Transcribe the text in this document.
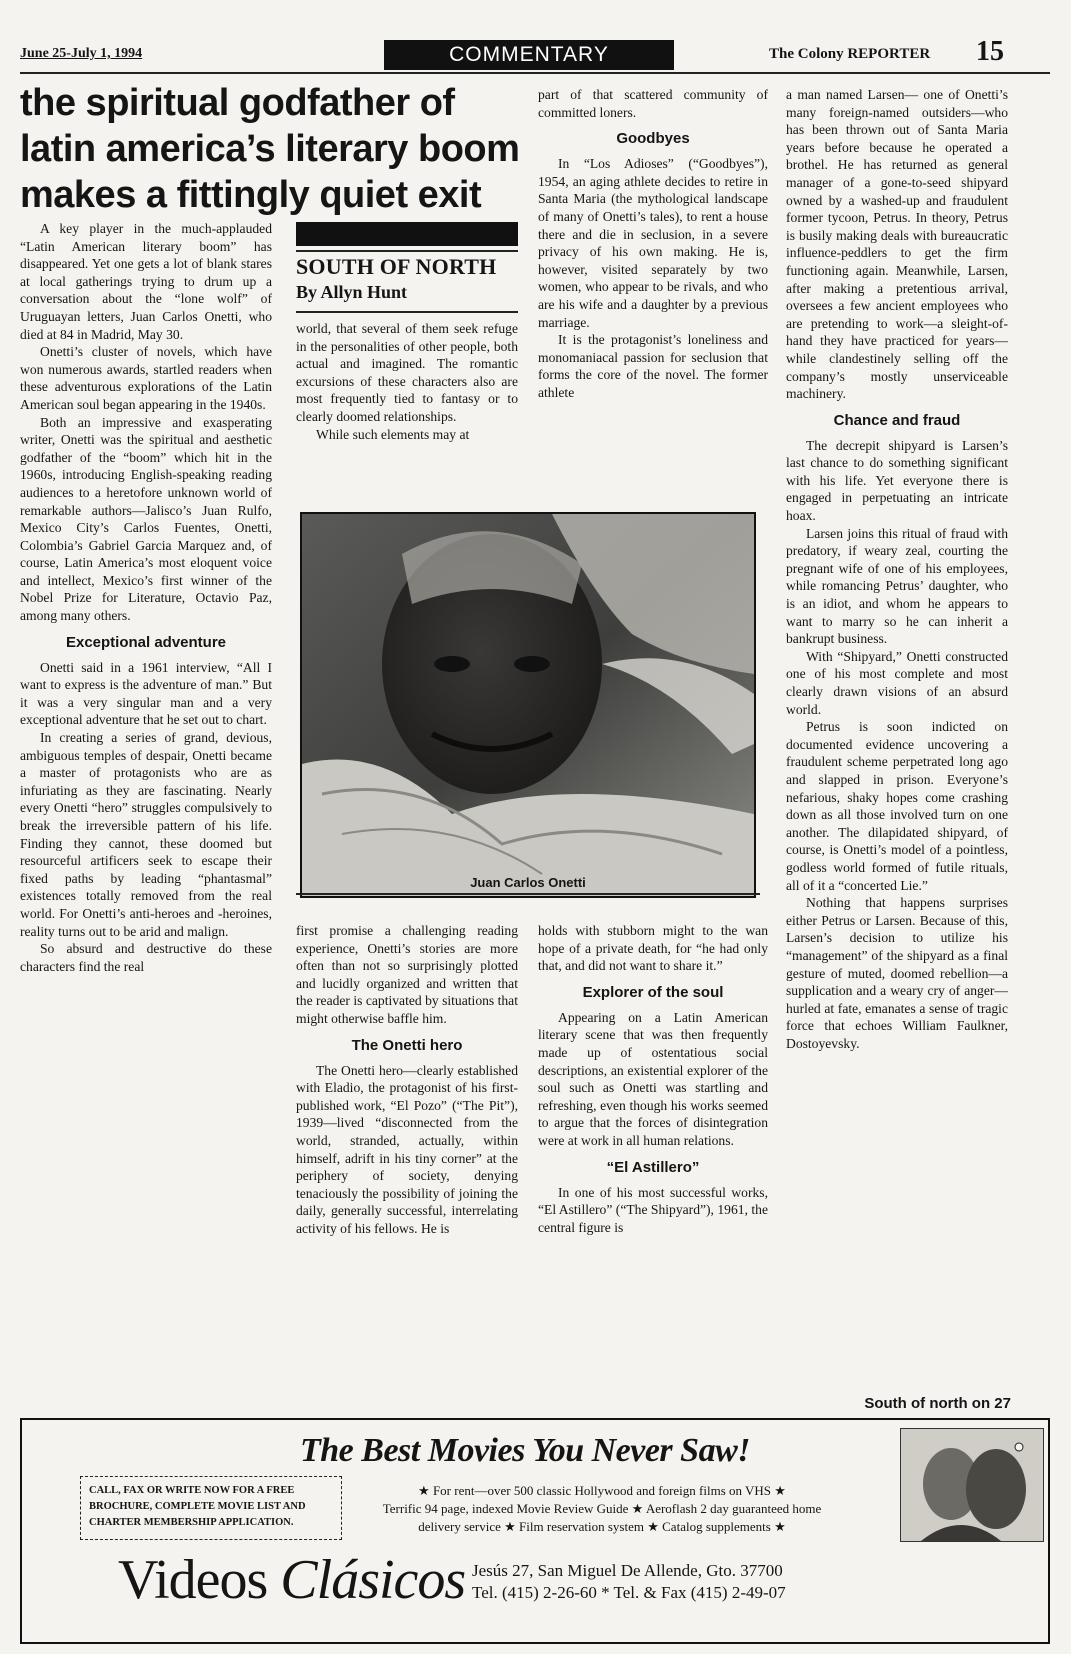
June 25-July 1, 1994	COMMENTARY	The Colony REPORTER 15
the spiritual godfather of
latin america’s literary boom
makes a fittingly quiet exit

A key player in the much-applauded “Latin American literary boom” has disappeared. Yet one gets a lot of blank stares at local gatherings trying to drum up a conversation about the “lone wolf” of Uruguayan letters, Juan Carlos Onetti, who died at 84 in Madrid, May 30.

Onetti’s cluster of novels, which have won numerous awards, startled readers when these adventurous explorations of the Latin American soul began appearing in the 1940s.

Both an impressive and exasperating writer, Onetti was the spiritual and aesthetic godfather of the “boom” which hit in the 1960s, introducing English-speaking reading audiences to a heretofore unknown world of remarkable authors—Jalisco’s Juan Rulfo, Mexico City’s Carlos Fuentes, Onetti, Colombia’s Gabriel Garcia Marquez and, of course, Latin America’s most eloquent voice and intellect, Mexico’s first winner of the Nobel Prize for Literature, Octavio Paz, among many others.

Exceptional adventure

Onetti said in a 1961 interview, “All I want to express is the adventure of man.” But it was a very singular man and a very exceptional adventure that he set out to chart.

In creating a series of grand, devious, ambiguous temples of despair, Onetti became a master of protagonists who are as infuriating as they are fascinating. Nearly every Onetti “hero” struggles compulsively to break the irreversible pattern of his life. Finding they cannot, these doomed but resourceful artificers seek to escape their fixed paths by leading “phantasmal” existences totally removed from the real world. For Onetti’s anti-heroes and -heroines, reality turns out to be arid and malign.

So absurd and destructive do these characters find the real

SOUTH OF NORTH
By Allyn Hunt

world, that several of them seek refuge in the personalities of other people, both actual and imagined. The romantic excursions of these characters also are most frequently tied to fantasy or to clearly doomed relationships.

While such elements may at

part of that scattered community of committed loners.

Goodbyes

In “Los Adioses” (“Goodbyes”), 1954, an aging athlete decides to retire in Santa Maria (the mythological landscape of many of Onetti’s tales), to rent a house there and die in seclusion, in a severe privacy of his own making. He is, however, visited separately by two women, who appear to be rivals, and who are his wife and a daughter by a previous marriage.

It is the protagonist’s loneliness and monomaniacal passion for seclusion that forms the core of the novel. The former athlete

Juan Carlos Onetti

first promise a challenging reading experience, Onetti’s stories are more often than not so surprisingly plotted and lucidly organized and written that the reader is captivated by situations that might otherwise baffle him.

The Onetti hero

The Onetti hero—clearly established with Eladio, the protagonist of his first-published work, “El Pozo” (“The Pit”), 1939—lived “disconnected from the world, stranded, actually, within himself, adrift in his tiny corner” at the periphery of society, denying tenaciously the possibility of joining the daily, generally successful, interrelating activity of his fellows. He is

holds with stubborn might to the wan hope of a private death, for “he had only that, and did not want to share it.”

Explorer of the soul

Appearing on a Latin American literary scene that was then frequently made up of ostentatious social descriptions, an existential explorer of the soul such as Onetti was startling and refreshing, even though his works seemed to argue that the forces of disintegration were at work in all human relations.

“El Astillero”

In one of his most successful works, “El Astillero” (“The Shipyard”), 1961, the central figure is

a man named Larsen— one of Onetti’s many foreign-named outsiders—who has been thrown out of Santa Maria years before because he operated a brothel. He has returned as general manager of a gone-to-seed shipyard owned by a washed-up and fraudulent former tycoon, Petrus. In theory, Petrus is busily making deals with bureaucratic influence-peddlers to get the firm functioning again. Meanwhile, Larsen, after making a pretentious arrival, oversees a few ancient employees who are pretending to work—a sleight-of-hand they have practiced for years—while clandestinely selling off the company’s mostly unserviceable machinery.

Chance and fraud

The decrepit shipyard is Larsen’s last chance to do something significant with his life. Yet everyone there is engaged in perpetuating an intricate hoax.

Larsen joins this ritual of fraud with predatory, if weary zeal, courting the pregnant wife of one of his employees, while romancing Petrus’ daughter, who is an idiot, and whom he appears to want to marry so he can inherit a bankrupt business.

With “Shipyard,” Onetti constructed one of his most complete and most clearly drawn visions of an absurd world.

Petrus is soon indicted on documented evidence uncovering a fraudulent scheme perpetrated long ago and slapped in prison. Everyone’s nefarious, shaky hopes come crashing down as all those involved turn on one another. The dilapidated shipyard, of course, is Onetti’s model of a pointless, godless world formed of futile rituals, all of it a “concerted Lie.”

Nothing that happens surprises either Petrus or Larsen. Because of this, Larsen’s decision to utilize his “management” of the shipyard as a final gesture of muted, doomed rebellion—a supplication and a weary cry of anger—hurled at fate, emanates a sense of tragic force that echoes William Faulkner, Dostoyevsky.

South of north on 27
The Best Movies You Never Saw!
CALL, FAX OR WRITE NOW FOR A FREE
BROCHURE, COMPLETE MOVIE LIST AND
CHARTER MEMBERSHIP APPLICATION.
★ For rent—over 500 classic Hollywood and foreign films on VHS ★
Terrific 94 page, indexed Movie Review Guide ★ Aeroflash 2 day guaranteed home
delivery service ★ Film reservation system ★ Catalog supplements ★
Videos Clásicos Jesús 27, San Miguel De Allende, Gto. 37700
Tel. (415) 2-26-60 * Tel. & Fax (415) 2-49-07
